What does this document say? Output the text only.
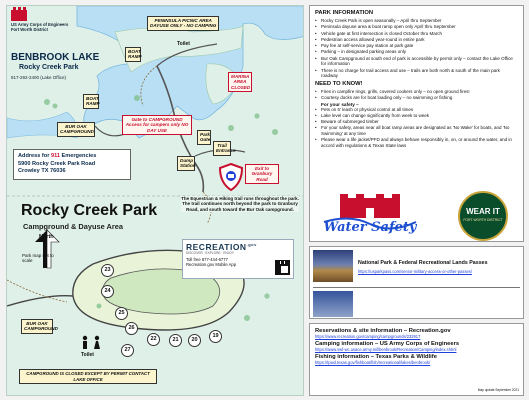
US Army Corps of Engineers Fort Worth District
BENBROOK LAKE
Rocky Creek Park
817-292-2400 (Lake Office)
PENINSULA PICNIC AREA
DAYUSE ONLY - NO CAMPING
Toilet
BOAT RAMP
MARINA AREA CLOSED
BOAT RAMP
BUR OAK CAMPGROUND
Gate to CAMPGROUND Access for campers only NO DAY USE
Park Gate
Trail Entrance
Dump Station
Exit to Granbury Road
Address for 911 Emergencies
5900 Rocky Creek Park Road
Crowley TX 76036
The Equestrian & Hiking trail runs throughout the park. The trail continues north beyond the park to Granbury Road, and south toward the Bur Oak campground.
Rocky Creek Park
Campground & Dayuse Area
North
Park map not to scale
$RECREATION^{.gov}$
DISCOVER · EXPLORE · ENJOY
Toll free 877-444-6777
Recreation.gov Mobile App
23
24
25
26
27
22	21	20
19
BUR OAK CAMPGROUND
Toilet
CAMPGROUND IS CLOSED EXCEPT BY PERMIT CONTACT LAKE OFFICE
PARK INFORMATION
• Rocky Creek Park is open seasonally – April thru September
• Peninsula dayuse area & boat ramp open only April thru September
• Vehicle gate at first intersection is closed October thru March
• Pedestrian access allowed year-round in entire park
• Pay fee at self-service pay station at park gate
• Parking – in designated parking areas only
• Bur Oak Campground at south end of park is accessible by permit only – contact the Lake Office for information
• There is no charge for trail access and use – trails are both north & south of the main park roadway
NEED TO KNOW!
• Fires in campfire rings, grills, covered cookers only – no open ground fires!
• Courtesy docks are for boat loading only – no swimming or fishing
For your safety –
• Pets on 6' leash or physical control at all times
• Lake level can change significantly from week to week
• Beware of submerged timber
• For your safety, areas near all boat ramp areas are designated as 'No Wake' for boats, and 'No Swimming' at any time
• Please wear a life jacket/PFD and always behave responsibly in, on, or around the water, and in accord with regulations & Texas State laws
Water Safety
WEAR IT
FORT WORTH DISTRICT
National Park & Federal Recreational Lands Passes
https://usparkpass.com/senior-military-access-or-other-passes/
Reservations & site information – Recreation.gov
https://www.recreation.gov/camping/campgrounds/232917
Camping information – US Army Corps of Engineers
https://www.swf-wc.usace.army.mil/benbrook/Recreation/Camping/index.shtml
Fishing information – Texas Parks & Wildlife
https://tpwd.texas.gov/fishboat/fish/recreational/lakes/benbrook/
Map update September 2021
